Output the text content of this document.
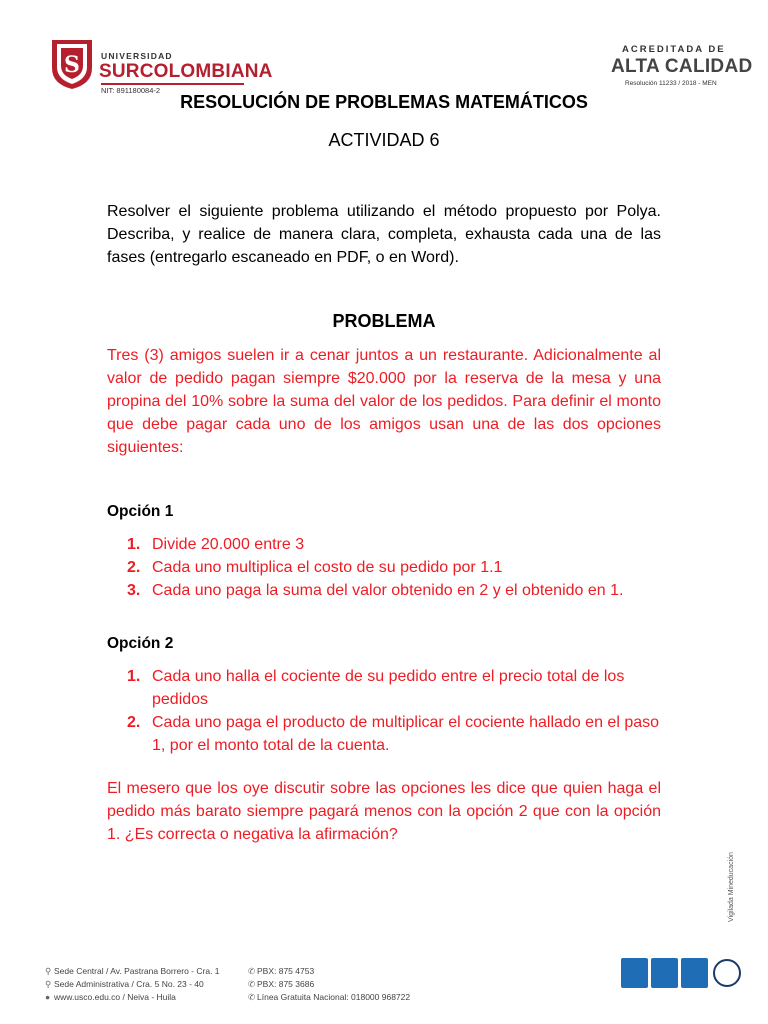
S UNIVERSIDAD
SURCOLOMBIANA
NIT: 891180084-2
ACREDITADA DE
ALTA CALIDAD
Resolución 11233 / 2018 - MEN
RESOLUCIÓN DE PROBLEMAS MATEMÁTICOS
ACTIVIDAD 6
Resolver el siguiente problema utilizando el método propuesto por Polya. Describa, y realice de manera clara, completa, exhausta cada una de las fases (entregarlo escaneado en PDF, o en Word).
PROBLEMA
Tres (3) amigos suelen ir a cenar juntos a un restaurante. Adicionalmente al valor de pedido pagan siempre $20.000 por la reserva de la mesa y una propina del 10% sobre la suma del valor de los pedidos. Para definir el monto que debe pagar cada uno de los amigos usan una de las dos opciones siguientes:
Opción 1
1. Divide 20.000 entre 3
2. Cada uno multiplica el costo de su pedido por 1.1
3. Cada uno paga la suma del valor obtenido en 2 y el obtenido en 1.
Opción 2
1. Cada uno halla el cociente de su pedido entre el precio total de los pedidos
2. Cada uno paga el producto de multiplicar el cociente hallado en el paso 1, por el monto total de la cuenta.
El mesero que los oye discutir sobre las opciones les dice que quien haga el pedido más barato siempre pagará menos con la opción 2 que con la opción 1. ¿Es correcta o negativa la afirmación?
Vigilada Mineducación
⚲ Sede Central / Av. Pastrana Borrero - Cra. 1
⚲ Sede Administrativa / Cra. 5 No. 23 - 40
● www.usco.edu.co / Neiva - Huila
✆ PBX: 875 4753
✆ PBX: 875 3686
✆ Línea Gratuita Nacional: 018000 968722
